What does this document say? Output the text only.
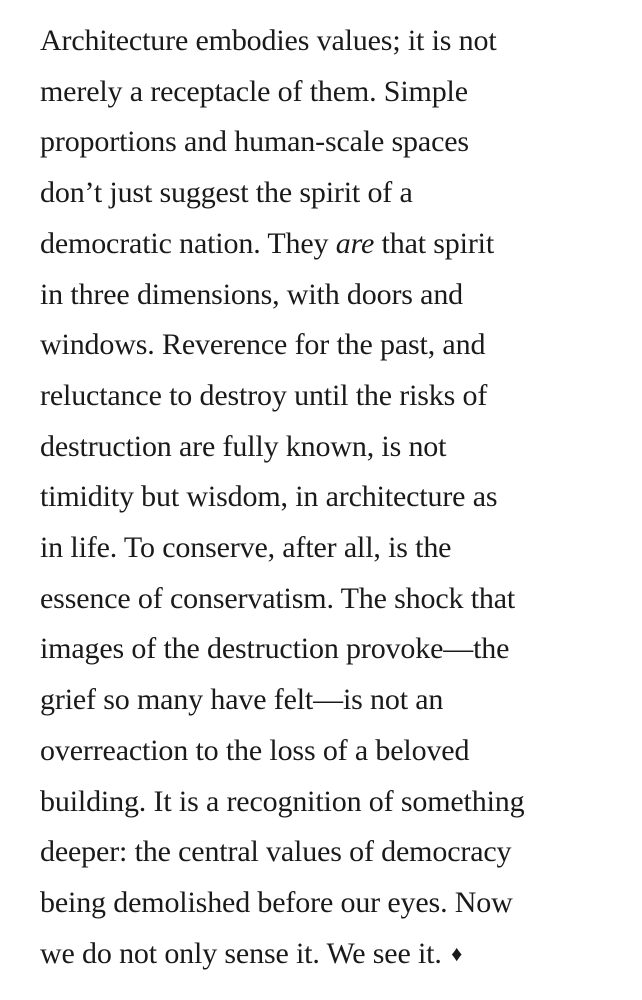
Architecture embodies values; it is not
merely a receptacle of them. Simple
proportions and human-scale spaces
don’t just suggest the spirit of a
democratic nation. They are that spirit
in three dimensions, with doors and
windows. Reverence for the past, and
reluctance to destroy until the risks of
destruction are fully known, is not
timidity but wisdom, in architecture as
in life. To conserve, after all, is the
essence of conservatism. The shock that
images of the destruction provoke—the
grief so many have felt—is not an
overreaction to the loss of a beloved
building. It is a recognition of something
deeper: the central values of democracy
being demolished before our eyes. Now
we do not only sense it. We see it. ♦
